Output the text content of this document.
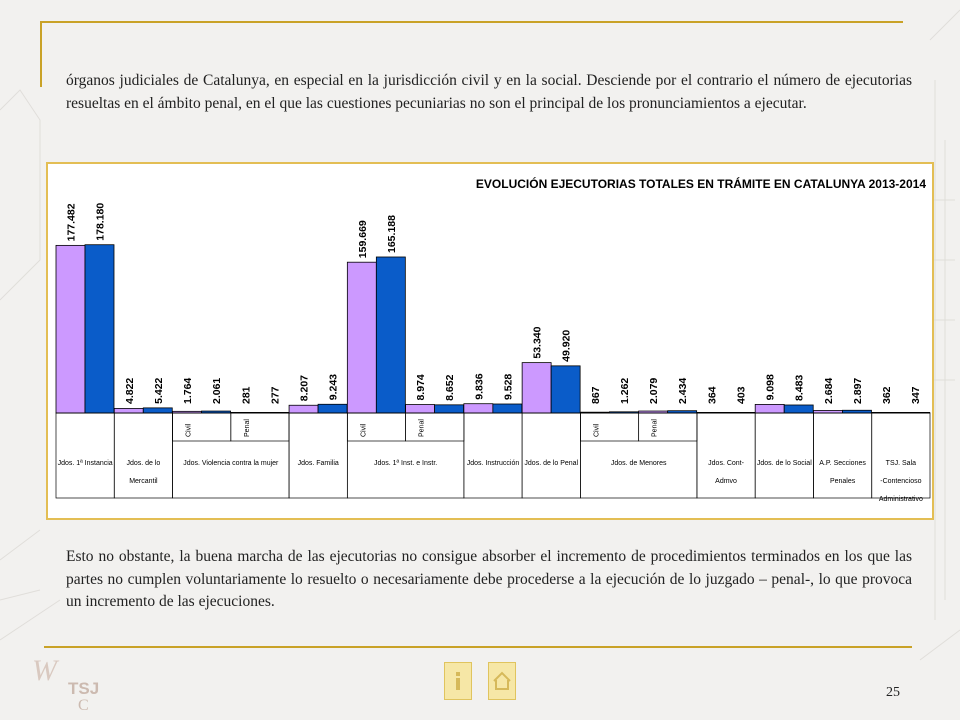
órganos judiciales de Catalunya, en especial en la jurisdicción civil y en la social. Desciende por el contrario el número de ejecutorias resueltas en el ámbito penal, en el que las cuestiones pecuniarias no son el principal de los pronunciamientos a ejecutar.

EVOLUCIÓN EJECUTORIAS TOTALES EN TRÁMITE EN CATALUNYA 2013-2014
177.482 178.180
4.822 5.422 1.764 2.061
Civil
281 277
Penal
8.207 9.243
159.669 165.188
Civil
8.974 8.652
Penal
9.836 9.528
53.340 49.920
867 1.262
Civil
2.079 2.434
Penal
364 403 9.098 8.483 2.684 2.897 362 347
Jdos. 1ª Instancia Jdos. de lo
Mercantil
Jdos. Violencia contra la mujer	Jdos. Familia	Jdos. 1ª Inst. e Instr.	Jdos. Instrucción Jdos. de lo Penal	Jdos. de Menores	Jdos. Cont-
Admvo
Jdos. de lo Social A.P. Secciones
Penales
TSJ. Sala
-Contencioso
Administrativo

Esto no obstante, la buena marcha de las ejecutorias no consigue absorber el incremento de procedimientos terminados en los que las partes no cumplen voluntariamente lo resuelto o necesariamente debe procederse a la ejecución de lo juzgado – penal-, lo que provoca un incremento de las ejecuciones.

W
TSJ
C
25
